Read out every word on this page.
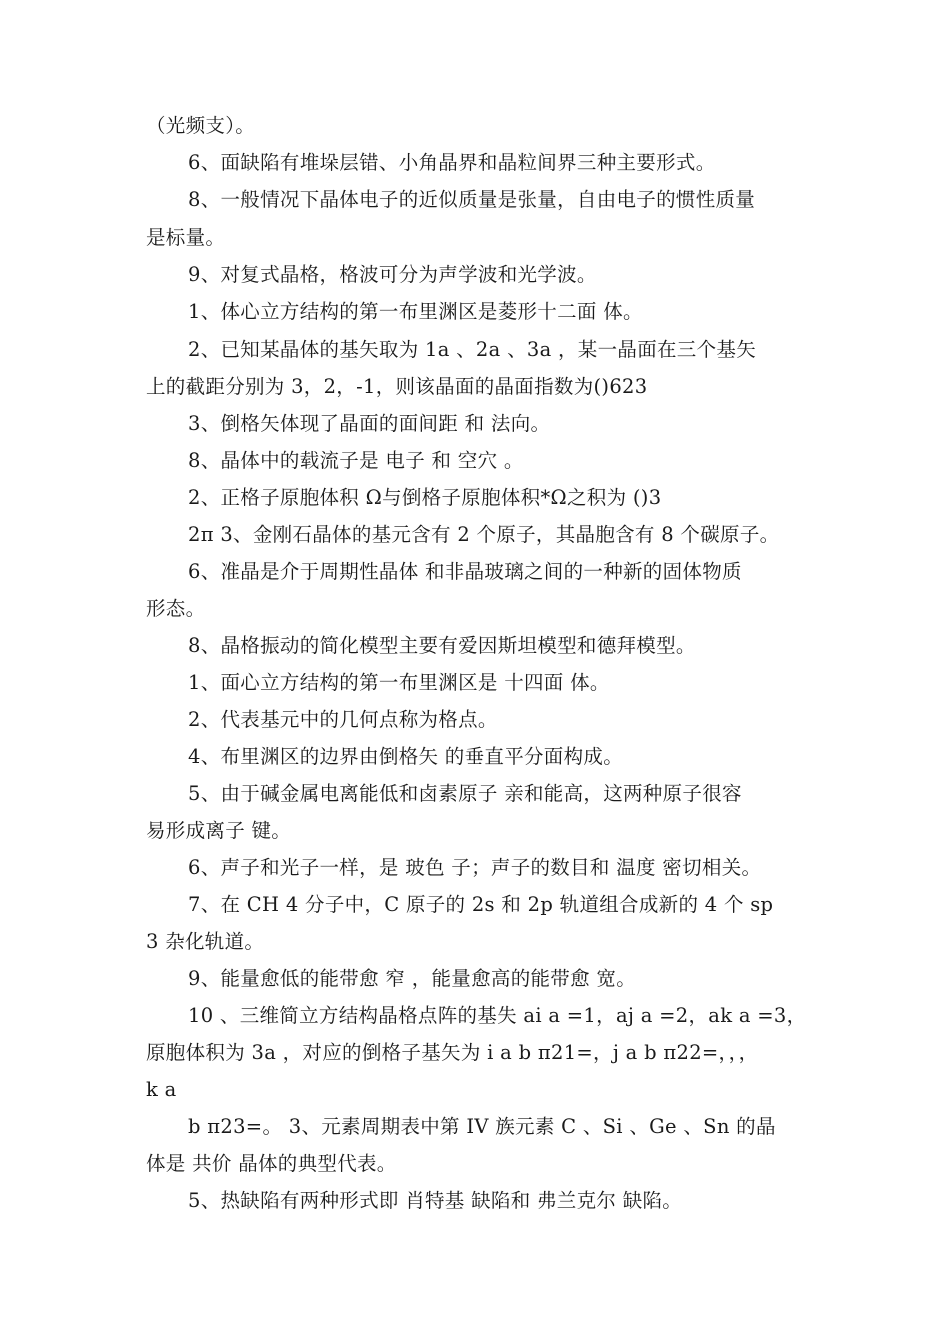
（光频支）。
6、面缺陷有堆垛层错、小角晶界和晶粒间界三种主要形式。
8、一般情况下晶体电子的近似质量是张量，自由电子的惯性质量
是标量。
9、对复式晶格，格波可分为声学波和光学波。
1、体心立方结构的第一布里渊区是菱形十二面 体。
2、已知某晶体的基矢取为 1a 、2a 、3a ，某一晶面在三个基矢
上的截距分别为 3，2，-1，则该晶面的晶面指数为()623
3、倒格矢体现了晶面的面间距 和 法向。
8、晶体中的载流子是 电子 和 空穴 。
2、正格子原胞体积 Ω与倒格子原胞体积*Ω之积为 ()3
2π 3、金刚石晶体的基元含有 2 个原子，其晶胞含有 8 个碳原子。
6、准晶是介于周期性晶体 和非晶玻璃之间的一种新的固体物质
形态。
8、晶格振动的简化模型主要有爱因斯坦模型和德拜模型。
1、面心立方结构的第一布里渊区是 十四面 体。
2、代表基元中的几何点称为格点。
4、布里渊区的边界由倒格矢 的垂直平分面构成。
5、由于碱金属电离能低和卤素原子 亲和能高，这两种原子很容
易形成离子 键。
6、声子和光子一样，是 玻色 子；声子的数目和 温度 密切相关。
7、在 CH 4 分子中，C 原子的 2s 和 2p 轨道组合成新的 4 个 sp
3 杂化轨道。
9、能量愈低的能带愈 窄 ，能量愈高的能带愈 宽。
10 、三维简立方结构晶格点阵的基失 ai a =1，aj a =2，ak a =3，
原胞体积为 3a ，对应的倒格子基矢为 i a b π21=，j a b π22=，，，
k a
b π23=。 3、元素周期表中第 IV 族元素 C 、Si 、Ge 、Sn 的晶
体是 共价 晶体的典型代表。
5、热缺陷有两种形式即 肖特基 缺陷和 弗兰克尔 缺陷。
